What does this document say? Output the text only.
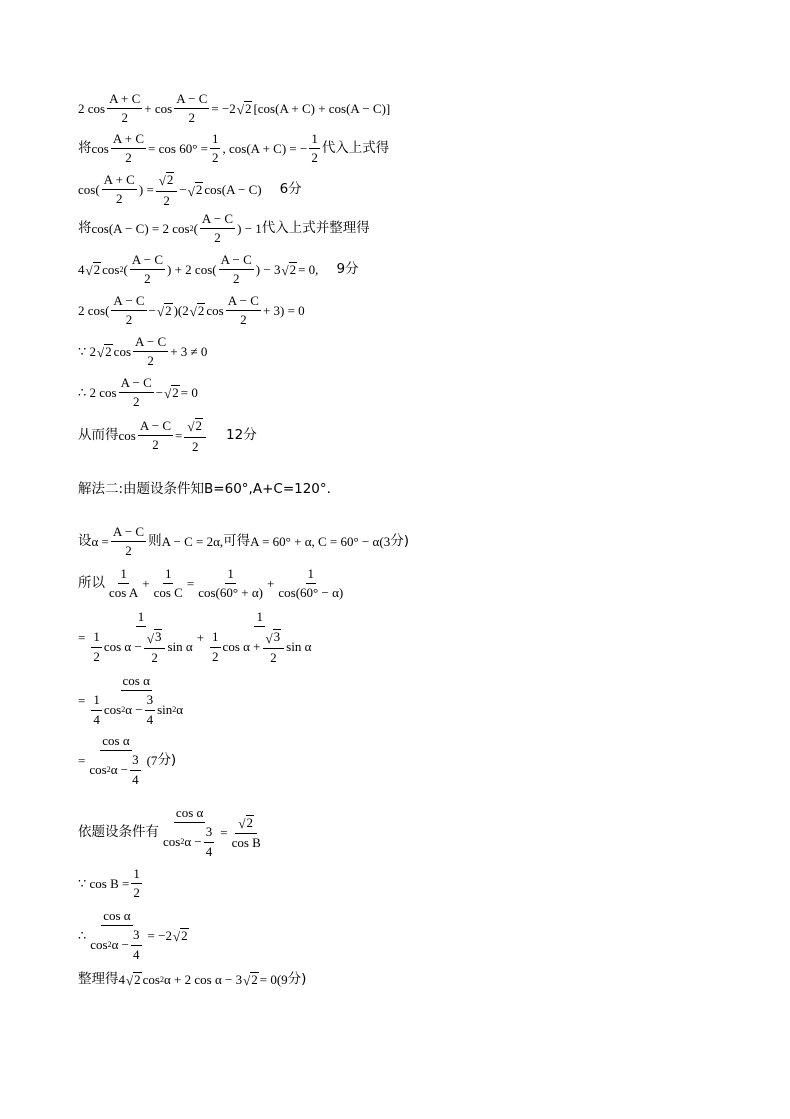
2 $\cos \frac{A + C}{2} + \cos \frac{A - C}{2} = -2$ √ 2 [cos(A + C) + cos(A − C)]
将 $\cos \frac{A + C}{2} = \cos 60^\circ = \frac{1}{2}$ , cos(A + C) = − $\frac{1}{2}$ 代入上式得
$\cos( \frac{A + C}{2}$ ) = $\frac{√ 2}{2}$ − √ 2 cos(A − C) 6分
将 cos(A − C) = 2 cos 2 ( $\frac{A - C}{2}$ ) − 1 代入上式并整理得
4 √ 2 cos 2 ( $\frac{A - C}{2}$ ) + 2 $\cos( \frac{A - C}{2}$ ) − 3 √ 2 = 0, 9分
2 $\cos( \frac{A - C}{2}$ − √ 2 )(2 √ 2 $\cos \frac{A - C}{2} + 3) = 0$
∵ 2 √ 2 $\cos \frac{A - C}{2} + 3 \ne 0$
∴ 2 $\cos \frac{A - C}{2}$ − √ 2 = 0
从而得 $\cos \frac{A - C}{2} = \frac{√ 2}{2} 12$分
解法二:由题设条件知B=60°,A+C=120°.
设 $\alpha = \frac{A - C}{2}$ 则 A − C = 2α, 可得 A = 60° + α, C = 60° − α(3 分)
所以 $\frac{1}{\text{cos A}} + \frac{1}{\text{cos C}} = \frac{1}{\cos(60^\circ + \alpha)} + \frac{1}{\cos(60^\circ - \alpha)}$
= $\frac{1}{\frac{1}{2} \cos \alpha - \frac{√ 3}{2} \sin \alpha} + \frac{1}{\frac{1}{2} \cos \alpha + \frac{√ 3}{2} \sin \alpha}$
=
cos α
$\frac{1}{4}$ cos 2 $\alpha - \frac{3}{4}$ sin 2 α
= $\frac{\text{cos α}}{\cos 2 \alpha - \frac{3}{4}} (7$ 分)
依题设条件有 $\frac{\text{cos α}}{\cos 2 \alpha - \frac{3}{4}} = \frac{√ 2}{\text{cos B}}$
∵ $\cos B = \frac{1}{2}$
∴ $\frac{\text{cos α}}{\cos 2 \alpha - \frac{3}{4}} = -2$ √ 2
整理得 4 √ 2 cos 2 α + 2 cos α − 3 √ 2 = 0(9 分)
